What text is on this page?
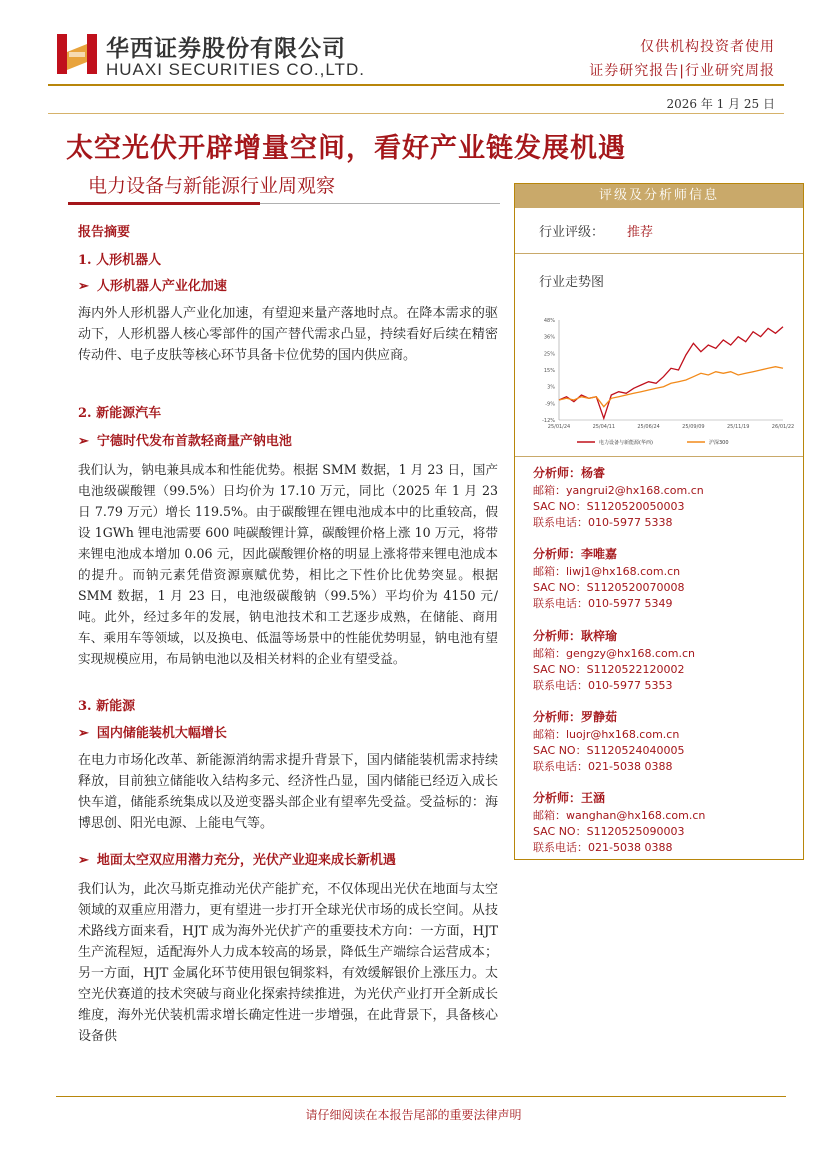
华西证券股份有限公司
HUAXI SECURITIES CO.,LTD.
仅供机构投资者使用
证券研究报告|行业研究周报
2026 年 1 月 25 日
太空光伏开辟增量空间，看好产业链发展机遇
电力设备与新能源行业周观察
报告摘要
1. 人形机器人
➢ 人形机器人产业化加速
海内外人形机器人产业化加速，有望迎来量产落地时点。在降本需求的驱动下，人形机器人核心零部件的国产替代需求凸显，持续看好后续在精密传动件、电子皮肤等核心环节具备卡位优势的国内供应商。
2. 新能源汽车
➢ 宁德时代发布首款轻商量产钠电池
我们认为，钠电兼具成本和性能优势。根据 SMM 数据，1 月 23 日，国产电池级碳酸锂（99.5%）日均价为 17.10 万元，同比（2025 年 1 月 23 日 7.79 万元）增长 119.5%。由于碳酸锂在锂电池成本中的比重较高，假设 1GWh 锂电池需要 600 吨碳酸锂计算，碳酸锂价格上涨 10 万元，将带来锂电池成本增加 0.06 元，因此碳酸锂价格的明显上涨将带来锂电池成本的提升。而钠元素凭借资源禀赋优势，相比之下性价比优势突显。根据 SMM 数据，1 月 23 日，电池级碳酸钠（99.5%）平均价为 4150 元/吨。此外，经过多年的发展，钠电池技术和工艺逐步成熟，在储能、商用车、乘用车等领域，以及换电、低温等场景中的性能优势明显，钠电池有望实现规模应用，布局钠电池以及相关材料的企业有望受益。
3. 新能源
➢ 国内储能装机大幅增长
在电力市场化改革、新能源消纳需求提升背景下，国内储能装机需求持续释放，目前独立储能收入结构多元、经济性凸显，国内储能已经迈入成长快车道，储能系统集成以及逆变器头部企业有望率先受益。受益标的：海博思创、阳光电源、上能电气等。
➢ 地面太空双应用潜力充分，光伏产业迎来成长新机遇
我们认为，此次马斯克推动光伏产能扩充，不仅体现出光伏在地面与太空领域的双重应用潜力，更有望进一步打开全球光伏市场的成长空间。从技术路线方面来看，HJT 成为海外光伏扩产的重要技术方向：一方面，HJT 生产流程短，适配海外人力成本较高的场景，降低生产端综合运营成本；另一方面，HJT 金属化环节使用银包铜浆料，有效缓解银价上涨压力。太空光伏赛道的技术突破与商业化探索持续推进，为光伏产业打开全新成长维度，海外光伏装机需求增长确定性进一步增强，在此背景下，具备核心设备供
评级及分析师信息
行业评级： 推荐
行业走势图
48%
36%
25%
15%
3%
-9%
-12%
25/01/24	25/04/11	25/06/24	25/09/09	25/11/19	26/01/22
电力设备与新能源(华西)	沪深300
分析师：杨睿
邮箱：yangrui2@hx168.com.cn
SAC NO：S1120520050003
联系电话：010-5977 5338
分析师：李唯嘉
邮箱：liwj1@hx168.com.cn
SAC NO：S1120520070008
联系电话：010-5977 5349
分析师：耿梓瑜
邮箱：gengzy@hx168.com.cn
SAC NO：S1120522120002
联系电话：010-5977 5353
分析师：罗静茹
邮箱：luojr@hx168.com.cn
SAC NO：S1120524040005
联系电话：021-5038 0388
分析师：王涵
邮箱：wanghan@hx168.com.cn
SAC NO：S1120525090003
联系电话：021-5038 0388
请仔细阅读在本报告尾部的重要法律声明
